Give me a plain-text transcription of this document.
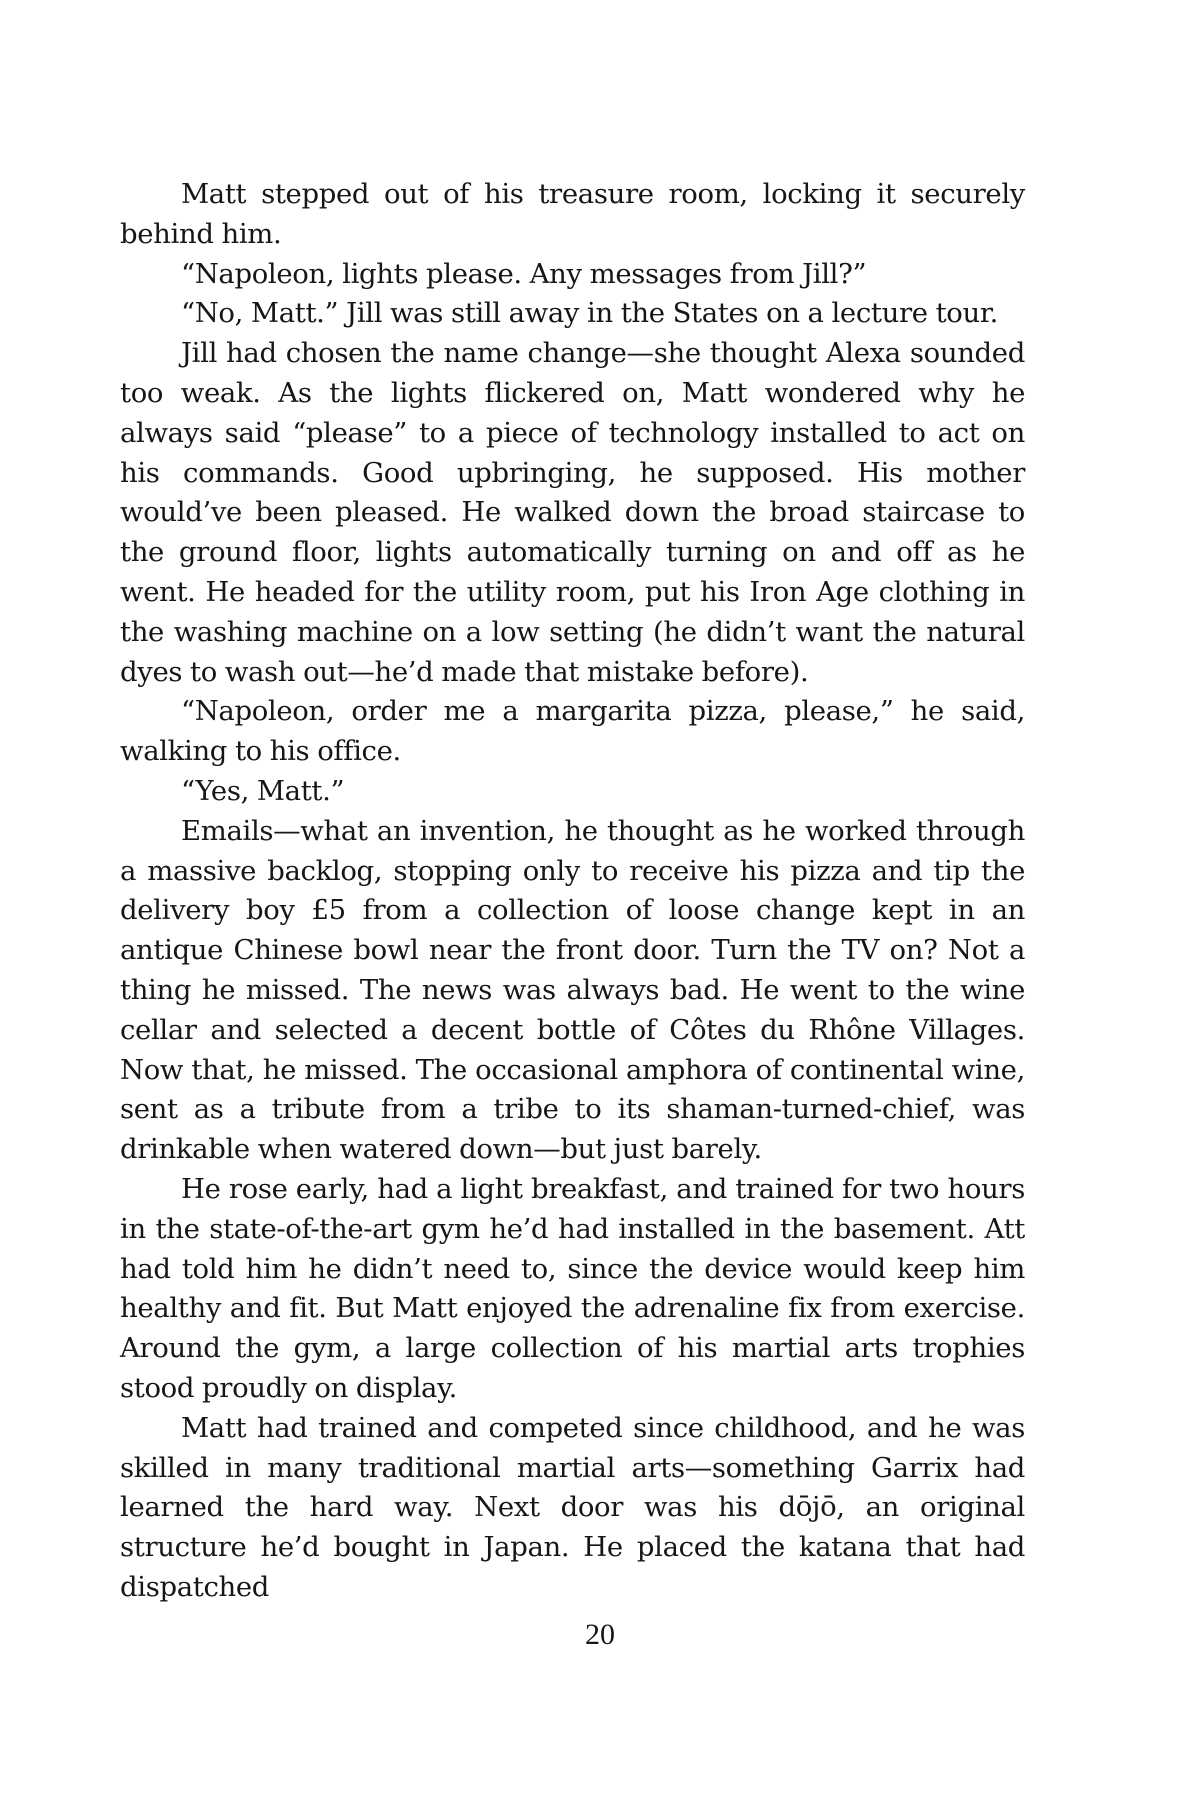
Matt stepped out of his treasure room, locking it securely behind him.

“Napoleon, lights please. Any messages from Jill?”

“No, Matt.” Jill was still away in the States on a lecture tour.

Jill had chosen the name change—she thought Alexa sounded too weak. As the lights flickered on, Matt wondered why he always said “please” to a piece of technology installed to act on his commands. Good upbringing, he supposed. His mother would’ve been pleased. He walked down the broad staircase to the ground floor, lights automatically turning on and off as he went. He headed for the utility room, put his Iron Age clothing in the washing machine on a low setting (he didn’t want the natural dyes to wash out—he’d made that mistake before).

“Napoleon, order me a margarita pizza, please,” he said, walking to his office.

“Yes, Matt.”

Emails—what an invention, he thought as he worked through a massive backlog, stopping only to receive his pizza and tip the delivery boy £5 from a collection of loose change kept in an antique Chinese bowl near the front door. Turn the TV on? Not a thing he missed. The news was always bad. He went to the wine cellar and selected a decent bottle of Côtes du Rhône Villages. Now that, he missed. The occasional amphora of continental wine, sent as a tribute from a tribe to its shaman-turned-chief, was drinkable when watered down—but just barely.

He rose early, had a light breakfast, and trained for two hours in the state-of-the-art gym he’d had installed in the basement. Att had told him he didn’t need to, since the device would keep him healthy and fit. But Matt enjoyed the adrenaline fix from exercise. Around the gym, a large collection of his martial arts trophies stood proudly on display.

Matt had trained and competed since childhood, and he was skilled in many traditional martial arts—something Garrix had learned the hard way. Next door was his dōjō, an original structure he’d bought in Japan. He placed the katana that had dispatched

20
